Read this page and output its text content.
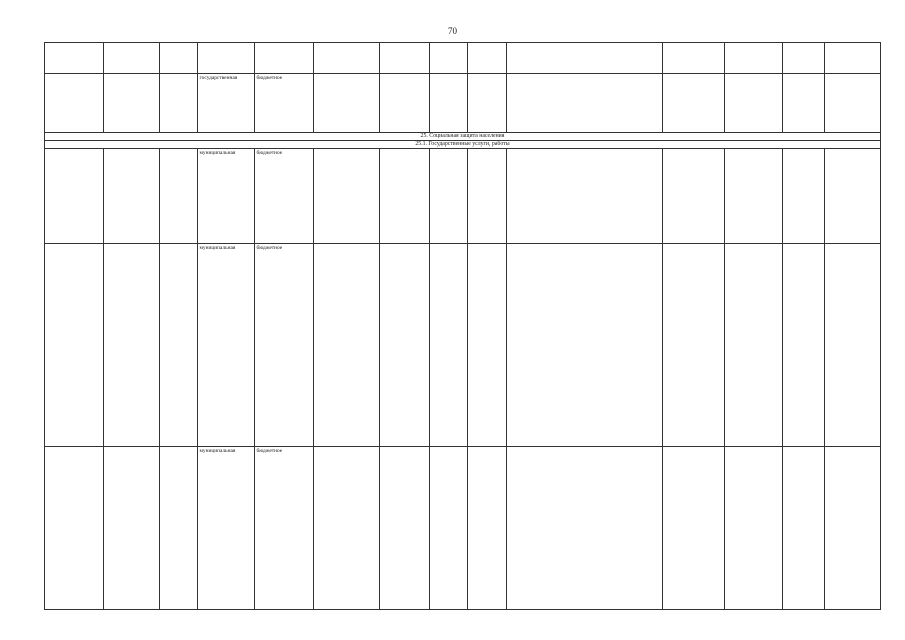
70

			государственная	бюджетное									
25. Социальная защита населения													
25.1. Государственные услуги, работы													
			муниципальная	бюджетное									
			муниципальная	бюджетное									
			муниципальная	бюджетное									
